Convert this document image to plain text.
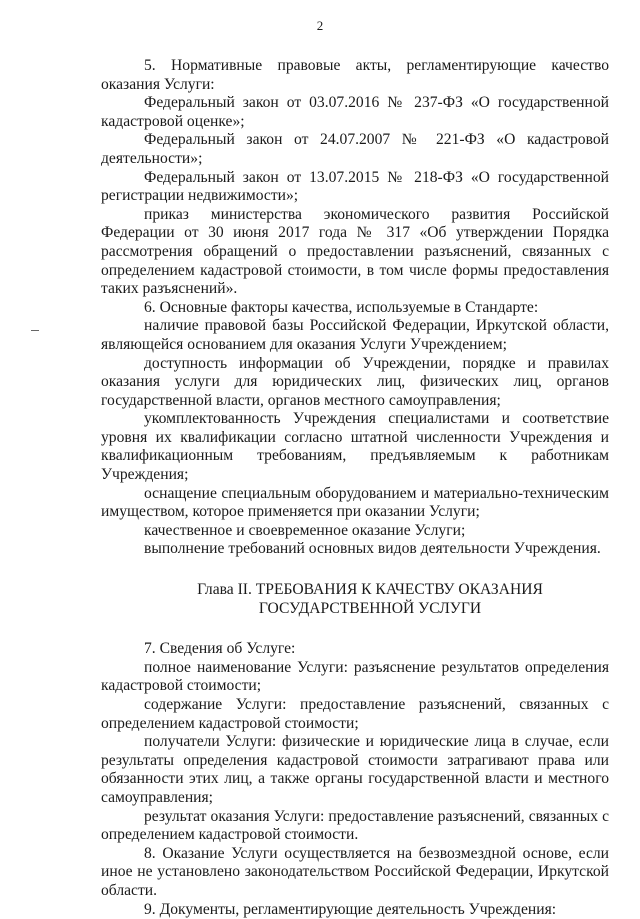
2

5. Нормативные правовые акты, регламентирующие качество оказания Услуги:

Федеральный закон от 03.07.2016 № 237-ФЗ «О государственной кадастровой оценке»;

Федеральный закон от 24.07.2007 № 221-ФЗ «О кадастровой деятельности»;

Федеральный закон от 13.07.2015 № 218-ФЗ «О государственной регистрации недвижимости»;

приказ министерства экономического развития Российской Федерации от 30 июня 2017 года № 317 «Об утверждении Порядка рассмотрения обращений о предоставлении разъяснений, связанных с определением кадастровой стоимости, в том числе формы предоставления таких разъяснений».

6. Основные факторы качества, используемые в Стандарте:

наличие правовой базы Российской Федерации, Иркутской области, являющейся основанием для оказания Услуги Учреждением;

доступность информации об Учреждении, порядке и правилах оказания услуги для юридических лиц, физических лиц, органов государственной власти, органов местного самоуправления;

укомплектованность Учреждения специалистами и соответствие уровня их квалификации согласно штатной численности Учреждения и квалификационным требованиям, предъявляемым к работникам Учреждения;

оснащение специальным оборудованием и материально-техническим имуществом, которое применяется при оказании Услуги;

качественное и своевременное оказание Услуги;

выполнение требований основных видов деятельности Учреждения.

Глава II. ТРЕБОВАНИЯ К КАЧЕСТВУ ОКАЗАНИЯ

ГОСУДАРСТВЕННОЙ УСЛУГИ

7. Сведения об Услуге:

полное наименование Услуги: разъяснение результатов определения кадастровой стоимости;

содержание Услуги: предоставление разъяснений, связанных с определением кадастровой стоимости;

получатели Услуги: физические и юридические лица в случае, если результаты определения кадастровой стоимости затрагивают права или обязанности этих лиц, а также органы государственной власти и местного самоуправления;

результат оказания Услуги: предоставление разъяснений, связанных с определением кадастровой стоимости.

8. Оказание Услуги осуществляется на безвозмездной основе, если иное не установлено законодательством Российской Федерации, Иркутской области.

9. Документы, регламентирующие деятельность Учреждения:
